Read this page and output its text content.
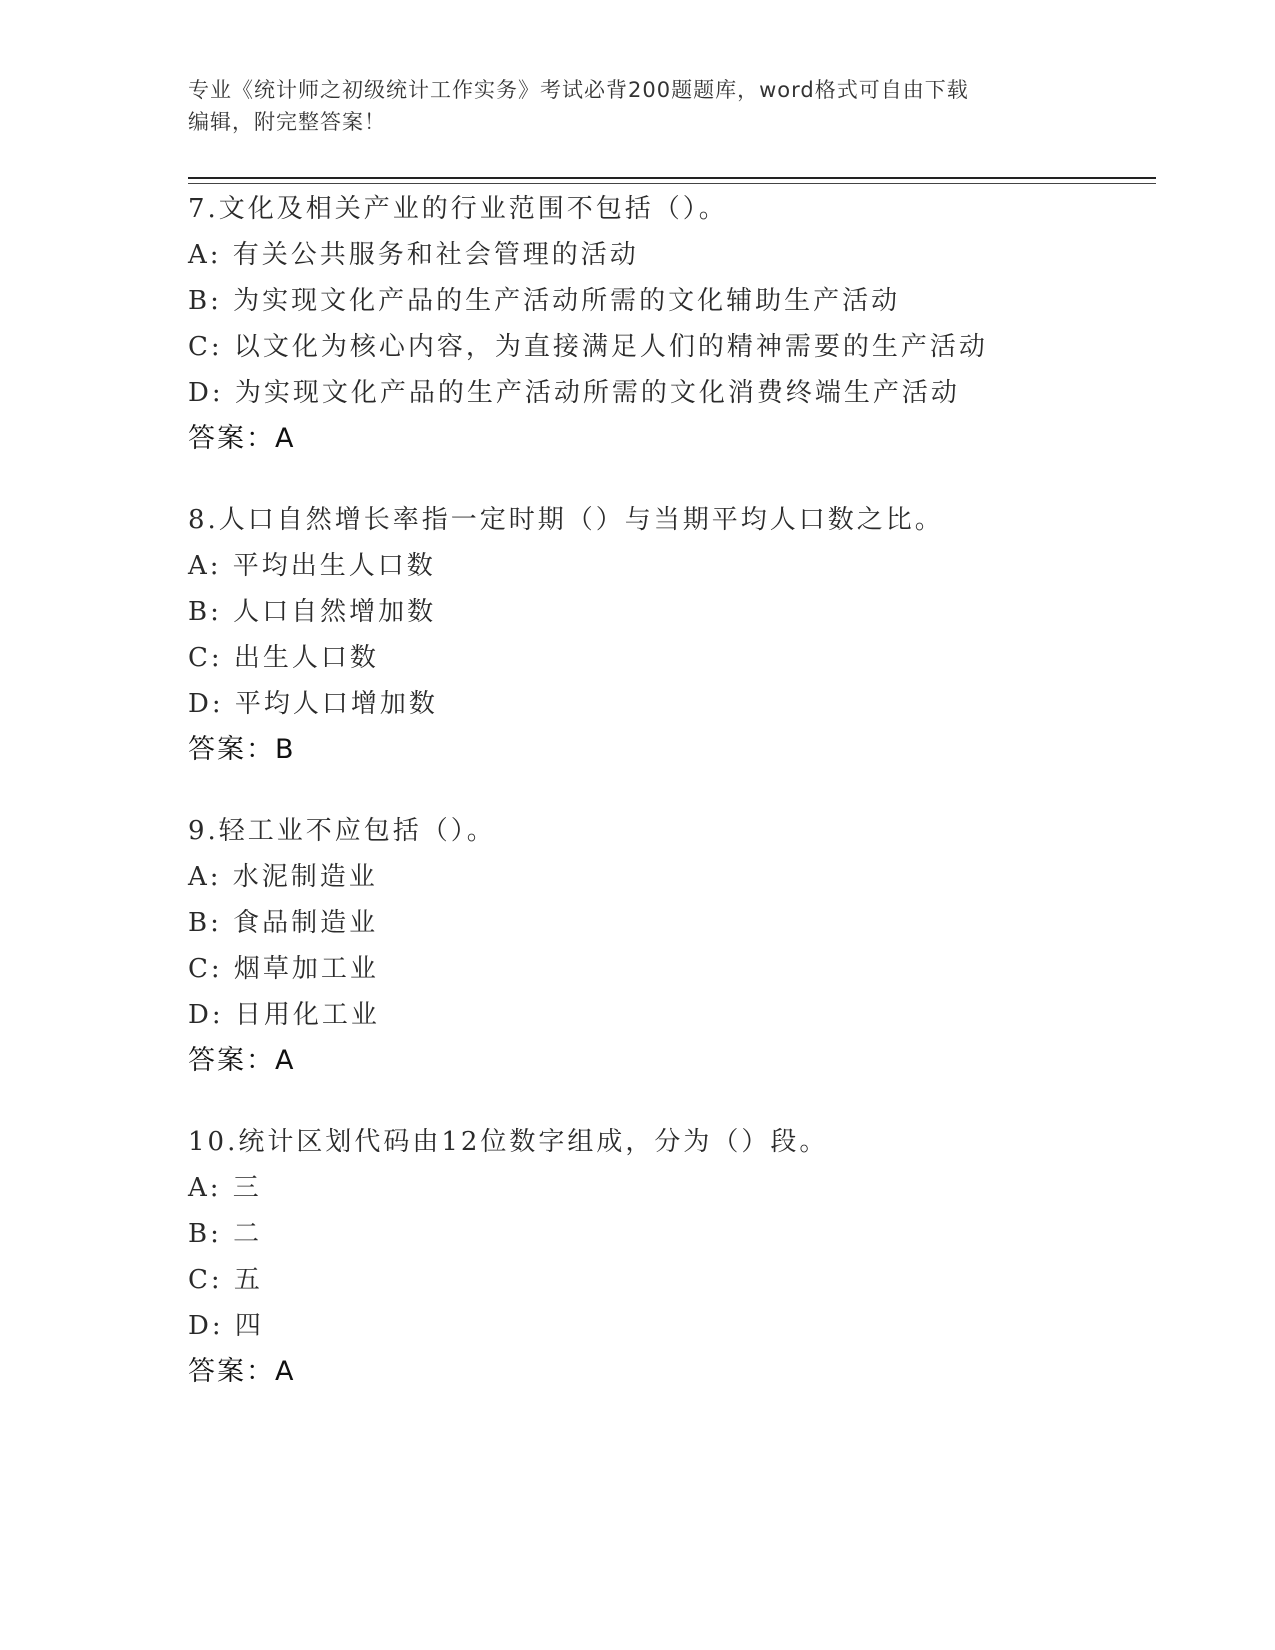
专业《统计师之初级统计工作实务》考试必背200题题库，word格式可自由下载
编辑，附完整答案！
7.文化及相关产业的行业范围不包括（）。
A: 有关公共服务和社会管理的活动
B: 为实现文化产品的生产活动所需的文化辅助生产活动
C: 以文化为核心内容，为直接满足人们的精神需要的生产活动
D: 为实现文化产品的生产活动所需的文化消费终端生产活动
答案：A
8.人口自然增长率指一定时期（）与当期平均人口数之比。
A: 平均出生人口数
B: 人口自然增加数
C: 出生人口数
D: 平均人口增加数
答案：B
9.轻工业不应包括（）。
A: 水泥制造业
B: 食品制造业
C: 烟草加工业
D: 日用化工业
答案：A
10.统计区划代码由12位数字组成，分为（）段。
A: 三
B: 二
C: 五
D: 四
答案：A
